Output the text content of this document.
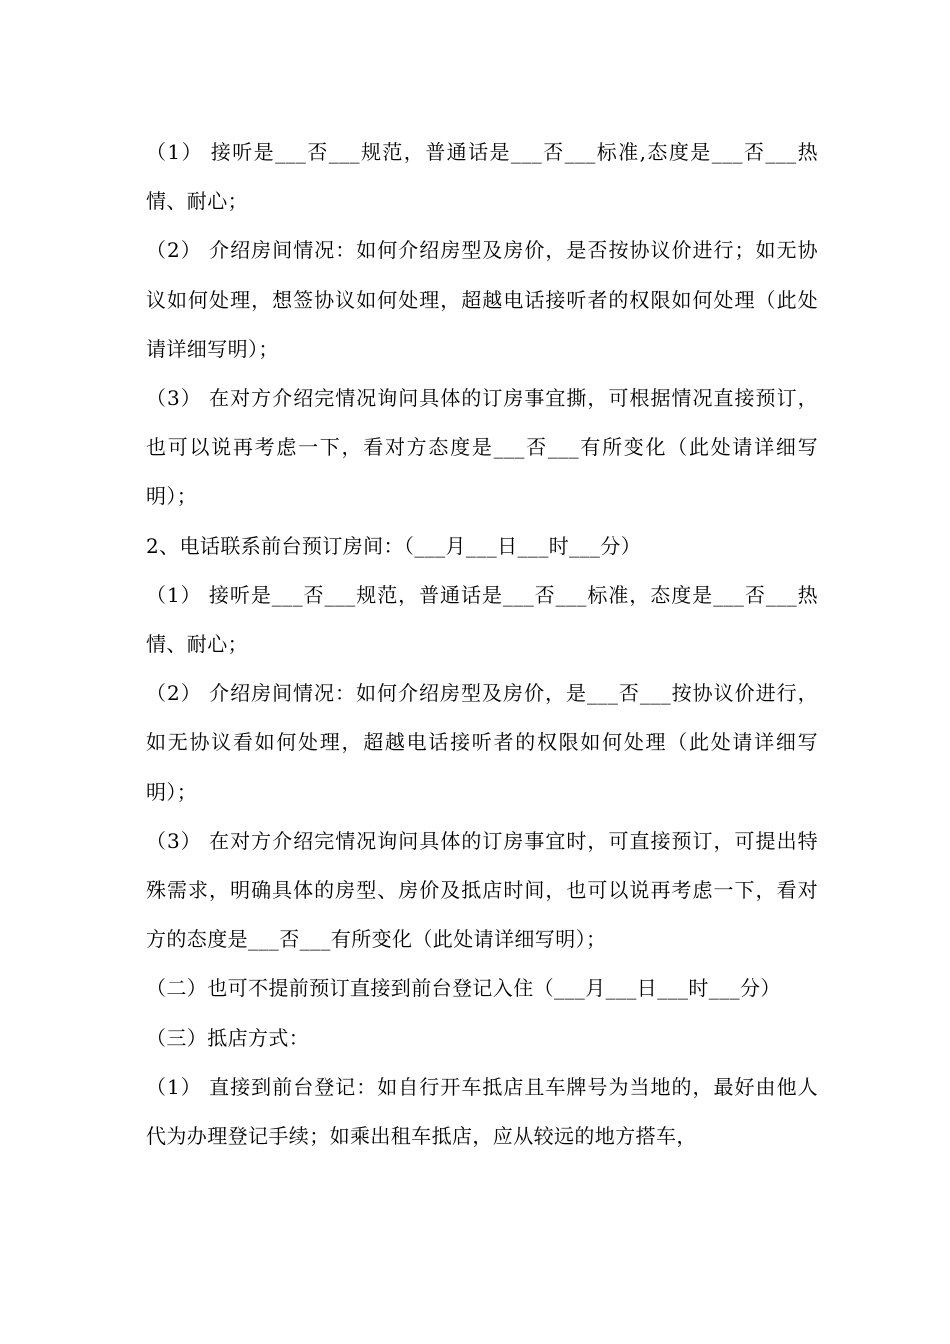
（1） 接听是___否___规范，普通话是___否___标准,态度是___否___热情、耐心；

（2） 介绍房间情况：如何介绍房型及房价，是否按协议价进行；如无协议如何处理，想签协议如何处理，超越电话接听者的权限如何处理（此处请详细写明）；

（3） 在对方介绍完情况询问具体的订房事宜撕，可根据情况直接预订，也可以说再考虑一下，看对方态度是___否___有所变化（此处请详细写明）；

2、电话联系前台预订房间：（___月___日___时___分）

（1） 接听是___否___规范，普通话是___否___标准，态度是___否___热情、耐心；

（2） 介绍房间情况：如何介绍房型及房价，是___否___按协议价进行，如无协议看如何处理，超越电话接听者的权限如何处理（此处请详细写明）；

（3） 在对方介绍完情况询问具体的订房事宜时，可直接预订，可提出特殊需求，明确具体的房型、房价及抵店时间，也可以说再考虑一下，看对方的态度是___否___有所变化（此处请详细写明）；

（二）也可不提前预订直接到前台登记入住（___月___日___时___分）

（三）抵店方式：

（1） 直接到前台登记：如自行开车抵店且车牌号为当地的，最好由他人代为办理登记手续；如乘出租车抵店，应从较远的地方搭车，
